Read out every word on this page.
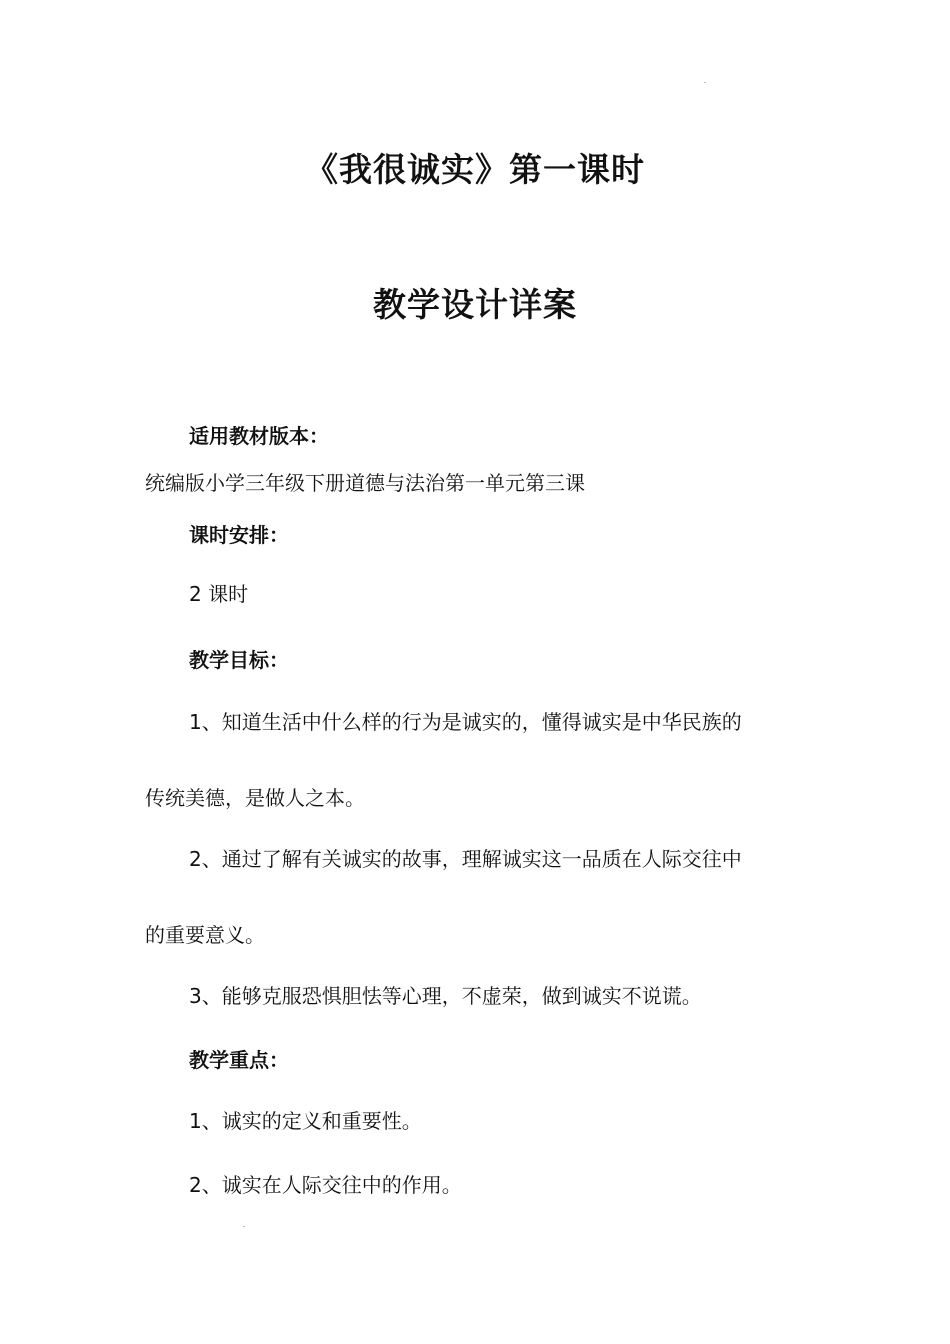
《我很诚实》第一课时
教学设计详案
适用教材版本：
统编版小学三年级下册道德与法治第一单元第三课
课时安排：
2 课时
教学目标：
1、知道生活中什么样的行为是诚实的，懂得诚实是中华民族的
传统美德，是做人之本。
2、通过了解有关诚实的故事，理解诚实这一品质在人际交往中
的重要意义。
3、能够克服恐惧胆怯等心理，不虚荣，做到诚实不说谎。
教学重点：
1、诚实的定义和重要性。
2、诚实在人际交往中的作用。
